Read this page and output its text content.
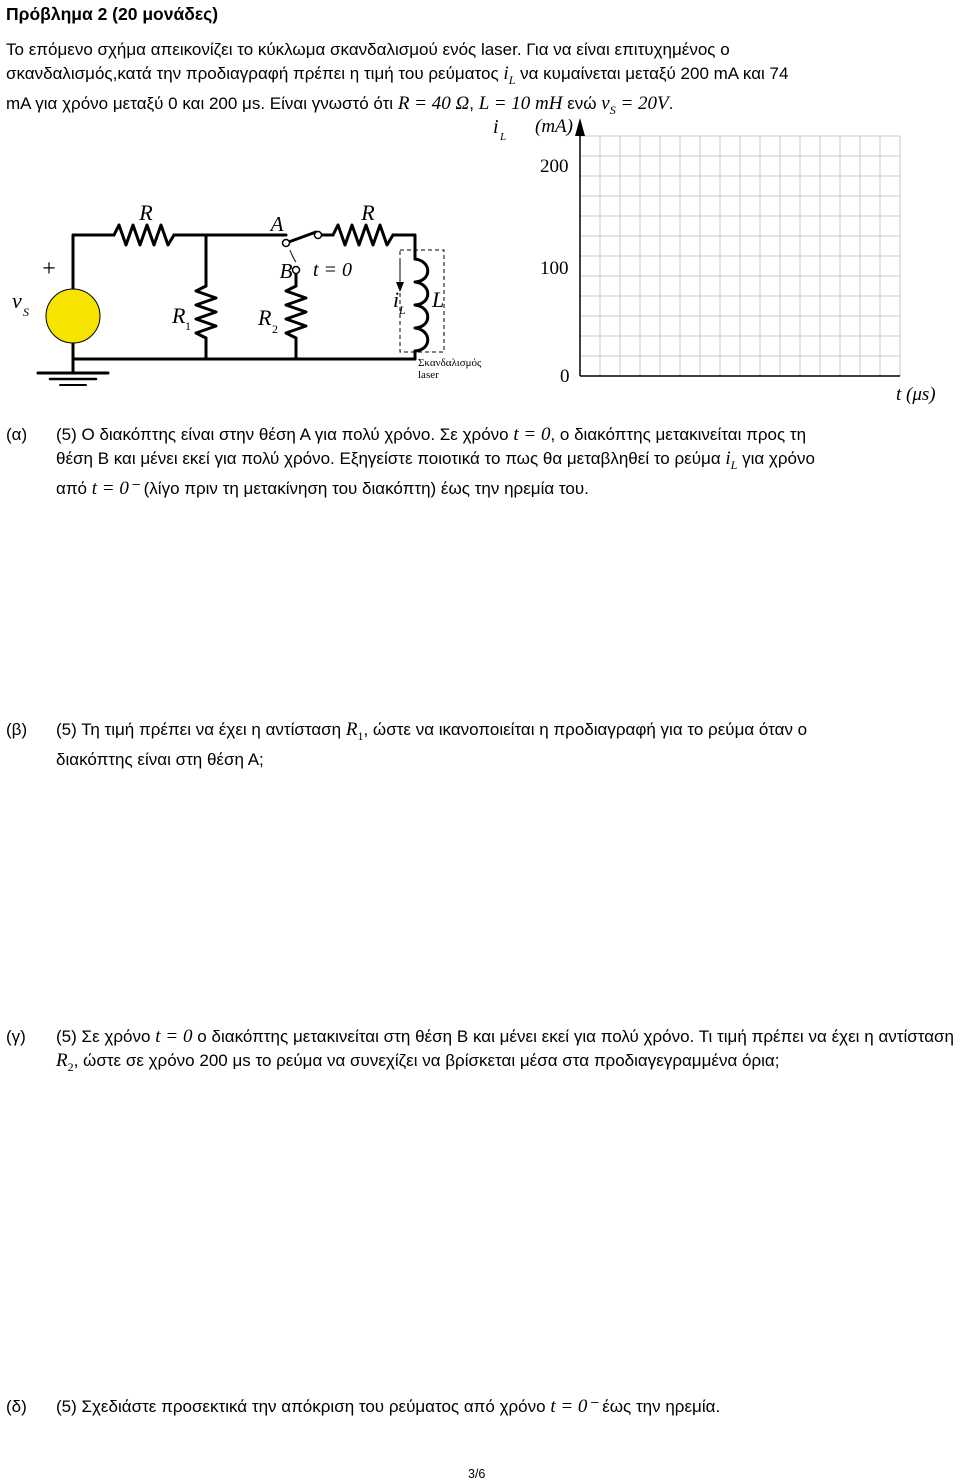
Πρόβλημα 2 (20 μονάδες)
Το επόμενο σχήμα απεικονίζει το κύκλωμα σκανδαλισμού ενός laser. Για να είναι επιτυχημένος ο
σκανδαλισμός,κατά την προδιαγραφή πρέπει η τιμή του ρεύματος $i_L$ να κυμαίνεται μεταξύ 200 mA και 74
mA για χρόνο μεταξύ 0 και 200 μs. Είναι γνωστό ότι R = 40 Ω, L = 10 mH ενώ $v_S = 20V$.
R	R
A
B t = 0
+
v S	R 1	R 2
i L L
Σκανδαλισμός
laser
i L (mA)
200
100
0
t (μs)
(α) (5) Ο διακόπτης είναι στην θέση Α για πολύ χρόνο. Σε χρόνο t = 0, ο διακόπτης μετακινείται προς τη
θέση Β και μένει εκεί για πολύ χρόνο. Εξηγείστε ποιοτικά το πως θα μεταβληθεί το ρεύμα $i_L$ για χρόνο
από t = 0⁻ (λίγο πριν τη μετακίνηση του διακόπτη) έως την ηρεμία του.
(β) (5) Τη τιμή πρέπει να έχει η αντίσταση $R_1$, ώστε να ικανοποιείται η προδιαγραφή για το ρεύμα όταν ο
διακόπτης είναι στη θέση Α;
(γ) (5) Σε χρόνο t = 0 ο διακόπτης μετακινείται στη θέση Β και μένει εκεί για πολύ χρόνο. Τι τιμή πρέπει να έχει η αντίσταση $R_2$, ώστε σε χρόνο 200 μs το ρεύμα να συνεχίζει να βρίσκεται μέσα στα προδιαγεγραμμένα όρια;
(δ) (5) Σχεδιάστε προσεκτικά την απόκριση του ρεύματος από χρόνο t = 0⁻ έως την ηρεμία.
3/6
